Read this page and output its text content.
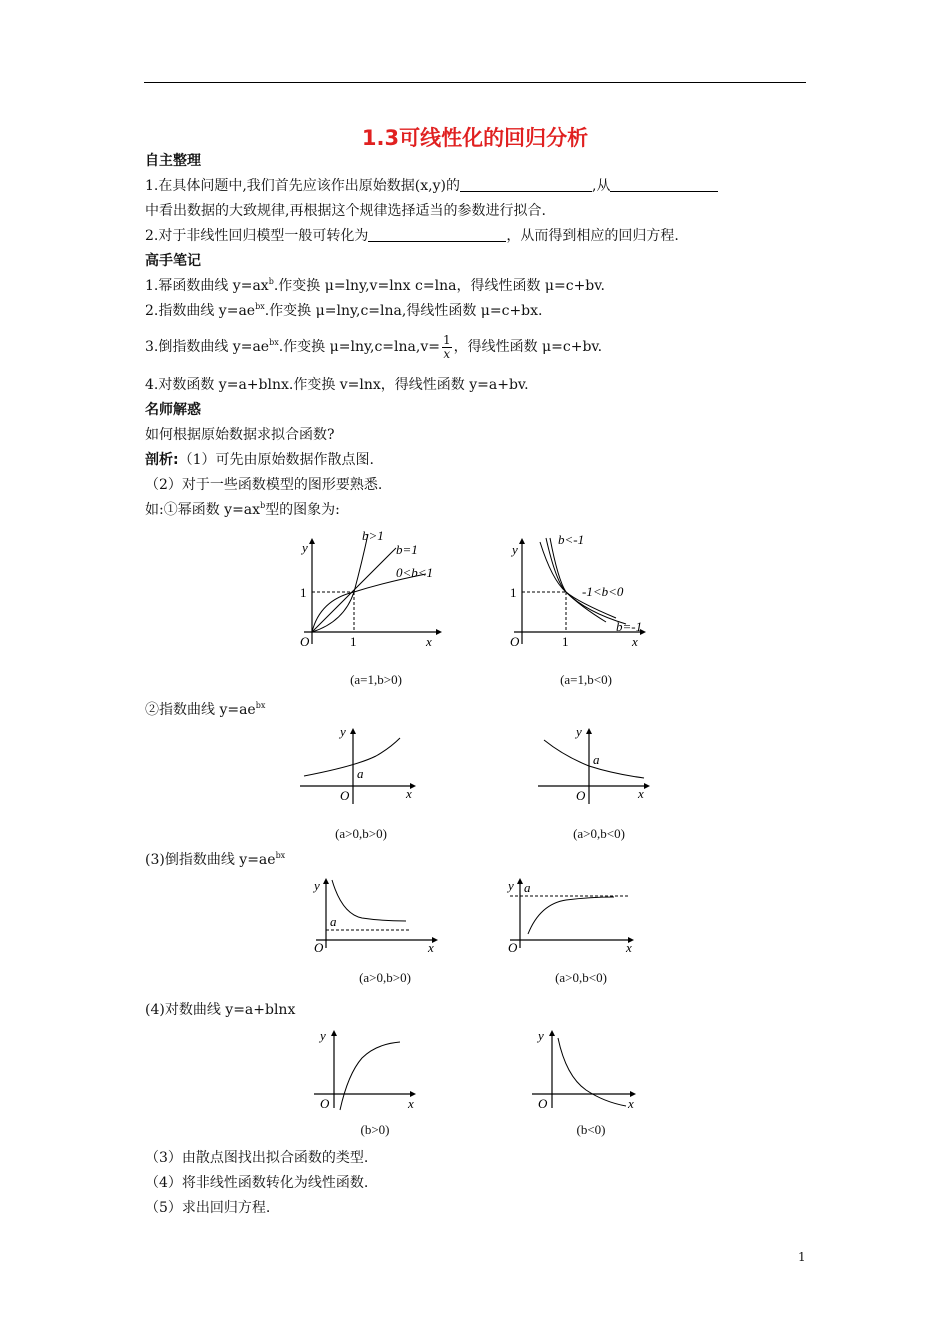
1.3可线性化的回归分析
自主整理
1.在具体问题中,我们首先应该作出原始数据(x,y)的	,从
中看出数据的大致规律,再根据这个规律选择适当的参数进行拟合.
2.对于非线性回归模型一般可转化为	，从而得到相应的回归方程.
高手笔记
1.幂函数曲线 $y=ax^b$.作变换 μ=lny,v=lnx c=lna，得线性函数 μ=c+bv.
2.指数曲线 $y=ae^{bx}$.作变换 μ=lny,c=lna,得线性函数 μ=c+bx.
3.倒指数曲线 $y=ae^{bx}$.作变换 $\mu=\ln y,c=\ln a,v= \frac{1}{x}$ ，得线性函数 μ=c+bv.
4.对数函数 y=a+blnx.作变换 v=lnx，得线性函数 y=a+bv.
名师解惑
如何根据原始数据求拟合函数?
剖析:（1）可先由原始数据作散点图.
（2）对于一些函数模型的图形要熟悉.
如:①幂函数 $y=ax^b$型的图象为:
y
x
O
1
1
b>1
b=1
0<b<1
(a=1,b>0)
y
x
O
1
1
b<-1
-1<b<0
b=-1
(a=1,b<0)
②指数曲线 $y=ae^{bx}$
y
x
O
a
(a>0,b>0)
y
x
O
a
(a>0,b<0)
(3)倒指数曲线 $y=ae^{bx}$
y
x
O
a
(a>0,b>0)
y
x
O
a
(a>0,b<0)
(4)对数曲线 y=a+blnx
y
x
O
(b>0)
y
x
O
(b<0)
（3）由散点图找出拟合函数的类型.
（4）将非线性函数转化为线性函数.
（5）求出回归方程.
1
